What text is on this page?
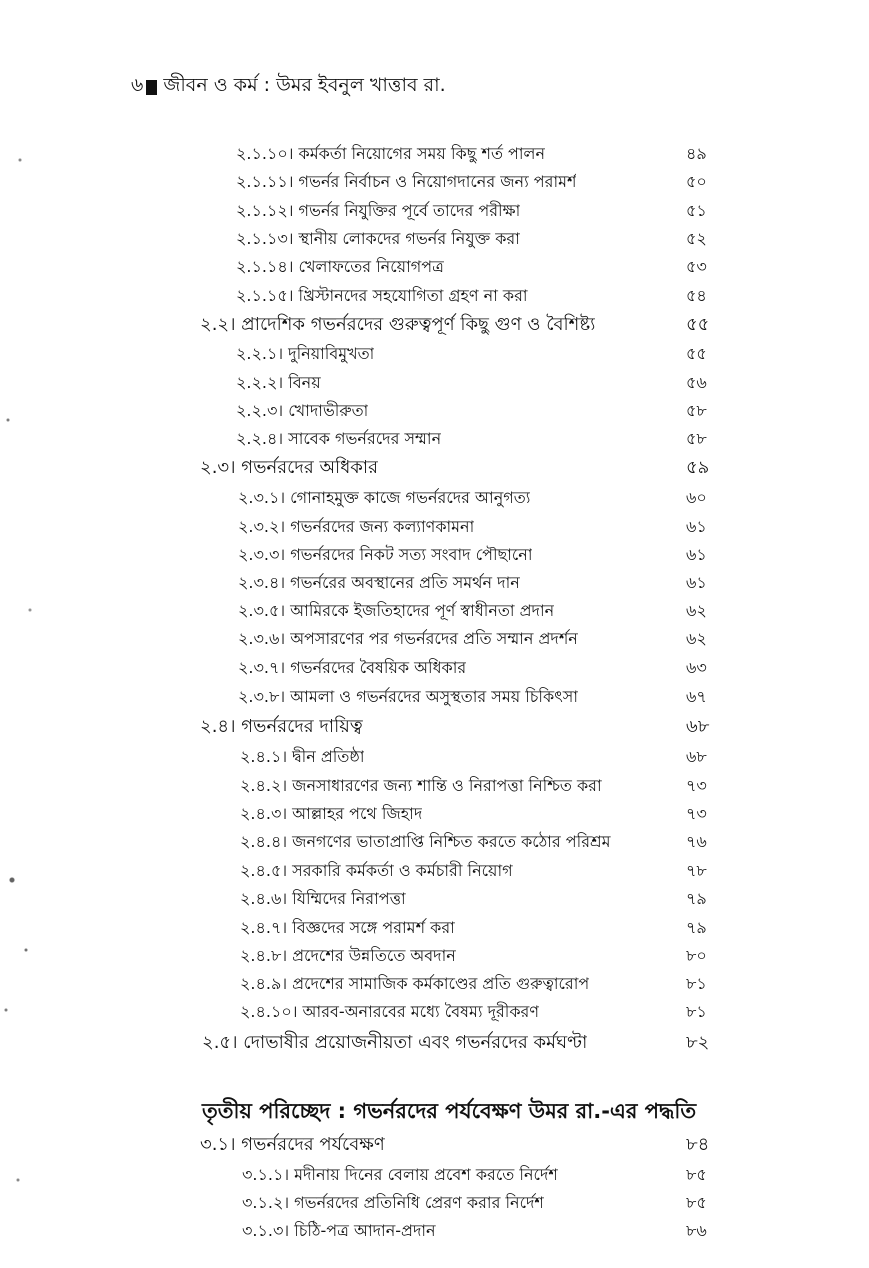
৬ জীবন ও কর্ম : উমর ইবনুল খাত্তাব রা.
২.১.১০। কর্মকর্তা নিয়োগের সময় কিছু শর্ত পালন	৪৯
২.১.১১। গভর্নর নির্বাচন ও নিয়োগদানের জন্য পরামর্শ	৫০
২.১.১২। গভর্নর নিযুক্তির পূর্বে তাদের পরীক্ষা	৫১
২.১.১৩। স্থানীয় লোকদের গভর্নর নিযুক্ত করা	৫২
২.১.১৪। খেলাফতের নিয়োগপত্র	৫৩
২.১.১৫। খ্রিস্টানদের সহযোগিতা গ্রহণ না করা	৫৪
২.২। প্রাদেশিক গভর্নরদের গুরুত্বপূর্ণ কিছু গুণ ও বৈশিষ্ট্য	৫৫
২.২.১। দুনিয়াবিমুখতা	৫৫
২.২.২। বিনয়	৫৬
২.২.৩। খোদাভীরুতা	৫৮
২.২.৪। সাবেক গভর্নরদের সম্মান	৫৮
২.৩। গভর্নরদের অধিকার	৫৯
২.৩.১। গোনাহমুক্ত কাজে গভর্নরদের আনুগত্য	৬০
২.৩.২। গভর্নরদের জন্য কল্যাণকামনা	৬১
২.৩.৩। গভর্নরদের নিকট সত্য সংবাদ পৌছানো	৬১
২.৩.৪। গভর্নরের অবস্থানের প্রতি সমর্থন দান	৬১
২.৩.৫। আমিরকে ইজতিহাদের পূর্ণ স্বাধীনতা প্রদান	৬২
২.৩.৬। অপসারণের পর গভর্নরদের প্রতি সম্মান প্রদর্শন	৬২
২.৩.৭। গভর্নরদের বৈষয়িক অধিকার	৬৩
২.৩.৮। আমলা ও গভর্নরদের অসুস্থতার সময় চিকিৎসা	৬৭
২.৪। গভর্নরদের দায়িত্ব	৬৮
২.৪.১। দ্বীন প্রতিষ্ঠা	৬৮
২.৪.২। জনসাধারণের জন্য শান্তি ও নিরাপত্তা নিশ্চিত করা	৭৩
২.৪.৩। আল্লাহর পথে জিহাদ	৭৩
২.৪.৪। জনগণের ভাতাপ্রাপ্তি নিশ্চিত করতে কঠোর পরিশ্রম	৭৬
২.৪.৫। সরকারি কর্মকর্তা ও কর্মচারী নিয়োগ	৭৮
২.৪.৬। যিম্মিদের নিরাপত্তা	৭৯
২.৪.৭। বিজ্ঞদের সঙ্গে পরামর্শ করা	৭৯
২.৪.৮। প্রদেশের উন্নতিতে অবদান	৮০
২.৪.৯। প্রদেশের সামাজিক কর্মকাণ্ডের প্রতি গুরুত্বারোপ	৮১
২.৪.১০। আরব-অনারবের মধ্যে বৈষম্য দূরীকরণ	৮১
২.৫। দোভাষীর প্রয়োজনীয়তা এবং গভর্নরদের কর্মঘণ্টা	৮২
তৃতীয় পরিচ্ছেদ : গভর্নরদের পর্যবেক্ষণ উমর রা.-এর পদ্ধতি
৩.১। গভর্নরদের পর্যবেক্ষণ	৮৪
৩.১.১। মদীনায় দিনের বেলায় প্রবেশ করতে নির্দেশ	৮৫
৩.১.২। গভর্নরদের প্রতিনিধি প্রেরণ করার নির্দেশ	৮৫
৩.১.৩। চিঠি-পত্র আদান-প্রদান	৮৬
